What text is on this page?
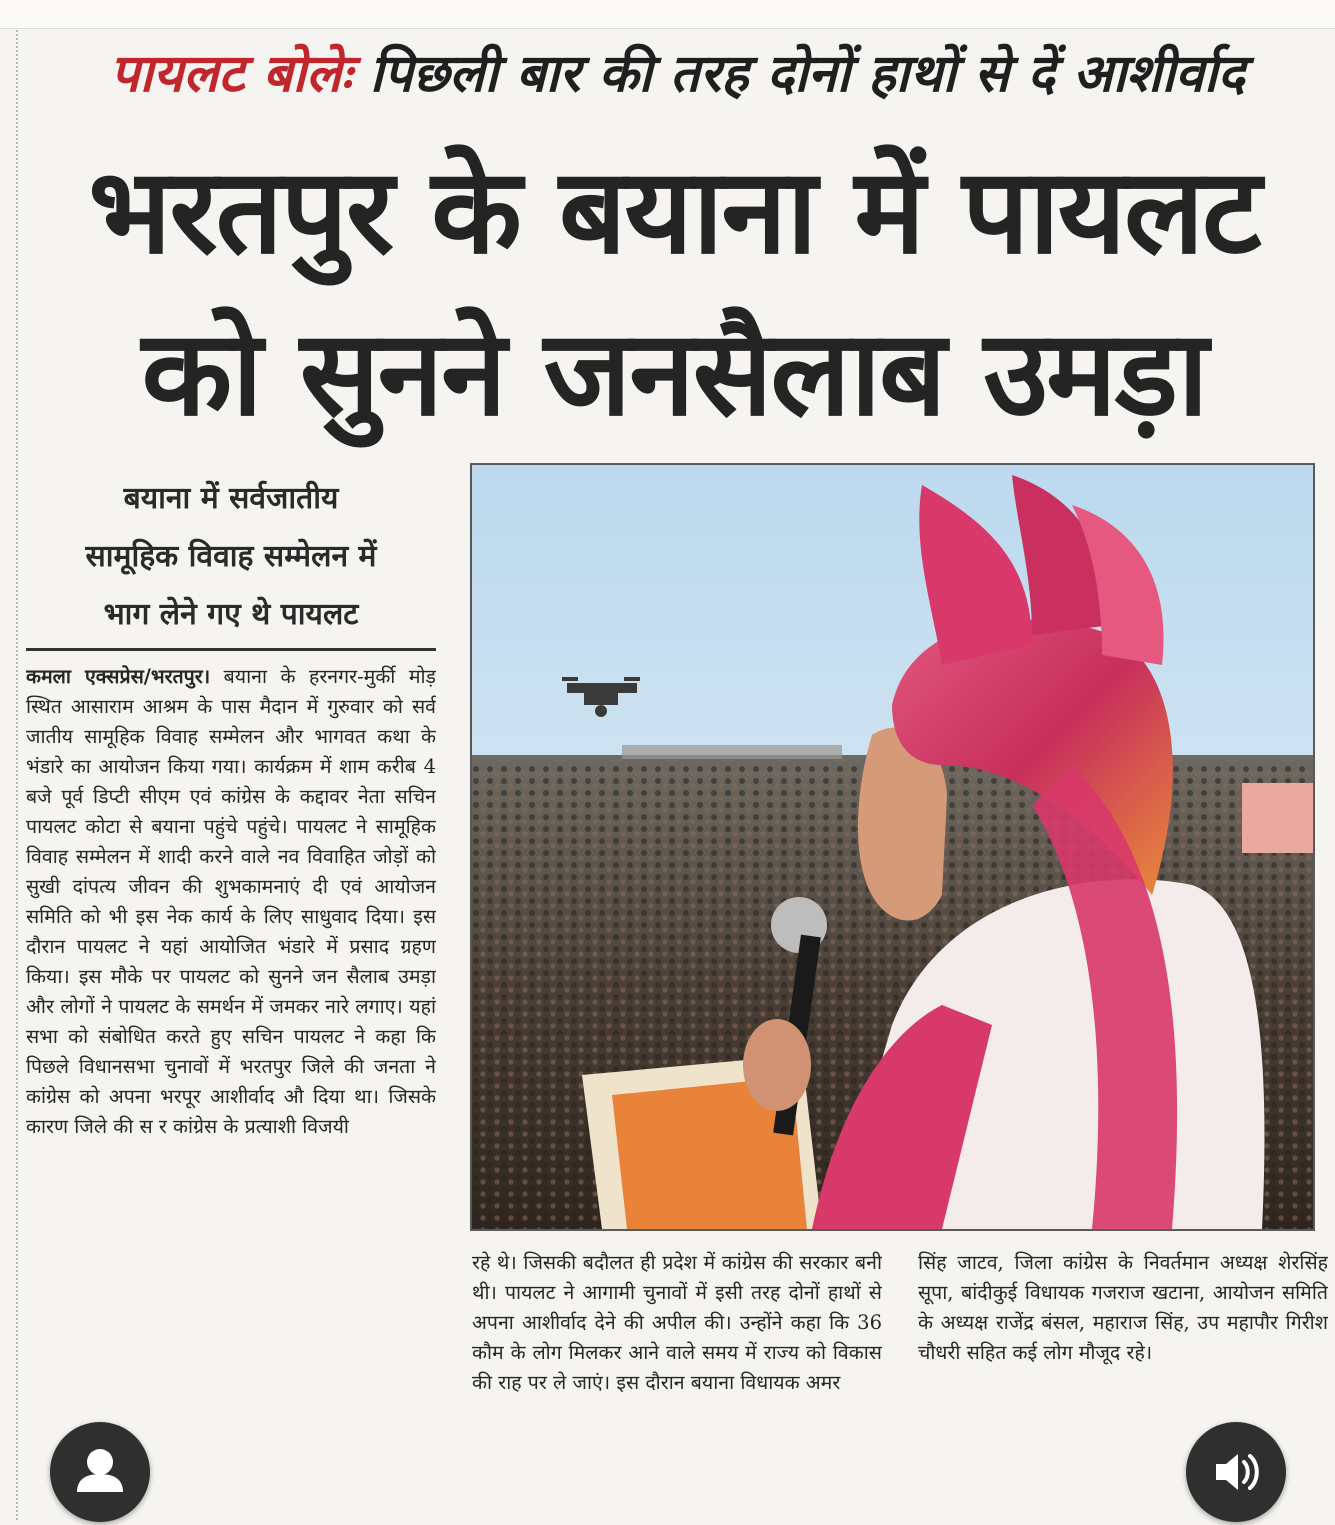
पायलट बोलेः पिछली बार की तरह दोनों हाथों से दें आशीर्वाद
भरतपुर के बयाना में पायलट
को सुनने जनसैलाब उमड़ा
बयाना में सर्वजातीय
सामूहिक विवाह सम्मेलन में
भाग लेने गए थे पायलट
कमला एक्सप्रेस/भरतपुर। बयाना के हरनगर-मुर्की मोड़ स्थित आसाराम आश्रम के पास मैदान में गुरुवार को सर्व जातीय सामूहिक विवाह सम्मेलन और भागवत कथा के भंडारे का आयोजन किया गया। कार्यक्रम में शाम करीब 4 बजे पूर्व डिप्टी सीएम एवं कांग्रेस के कद्दावर नेता सचिन पायलट कोटा से बयाना पहुंचे पहुंचे। पायलट ने सामूहिक विवाह सम्मेलन में शादी करने वाले नव विवाहित जोड़ों को सुखी दांपत्य जीवन की शुभकामनाएं दी एवं आयोजन समिति को भी इस नेक कार्य के लिए साधुवाद दिया। इस दौरान पायलट ने यहां आयोजित भंडारे में प्रसाद ग्रहण किया। इस मौके पर पायलट को सुनने जन सैलाब उमड़ा और लोगों ने पायलट के समर्थन में जमकर नारे लगाए। यहां सभा को संबोधित करते हुए सचिन पायलट ने कहा कि पिछले विधानसभा चुनावों में भरतपुर जिले की जनता ने कांग्रेस को अपना भरपूर आशीर्वाद औ दिया था। जिसके कारण जिले की स र कांग्रेस के प्रत्याशी विजयी
रहे थे। जिसकी बदौलत ही प्रदेश में कांग्रेस की सरकार बनी थी। पायलट ने आगामी चुनावों में इसी तरह दोनों हाथों से अपना आशीर्वाद देने की अपील की। उन्होंने कहा कि 36 कौम के लोग मिलकर आने वाले समय में राज्य को विकास की राह पर ले जाएं। इस दौरान बयाना विधायक अमर
सिंह जाटव, जिला कांग्रेस के निवर्तमान अध्यक्ष शेरसिंह सूपा, बांदीकुई विधायक गजराज खटाना, आयोजन समिति के अध्यक्ष राजेंद्र बंसल, महाराज सिंह, उप महापौर गिरीश चौधरी सहित कई लोग मौजूद रहे।
